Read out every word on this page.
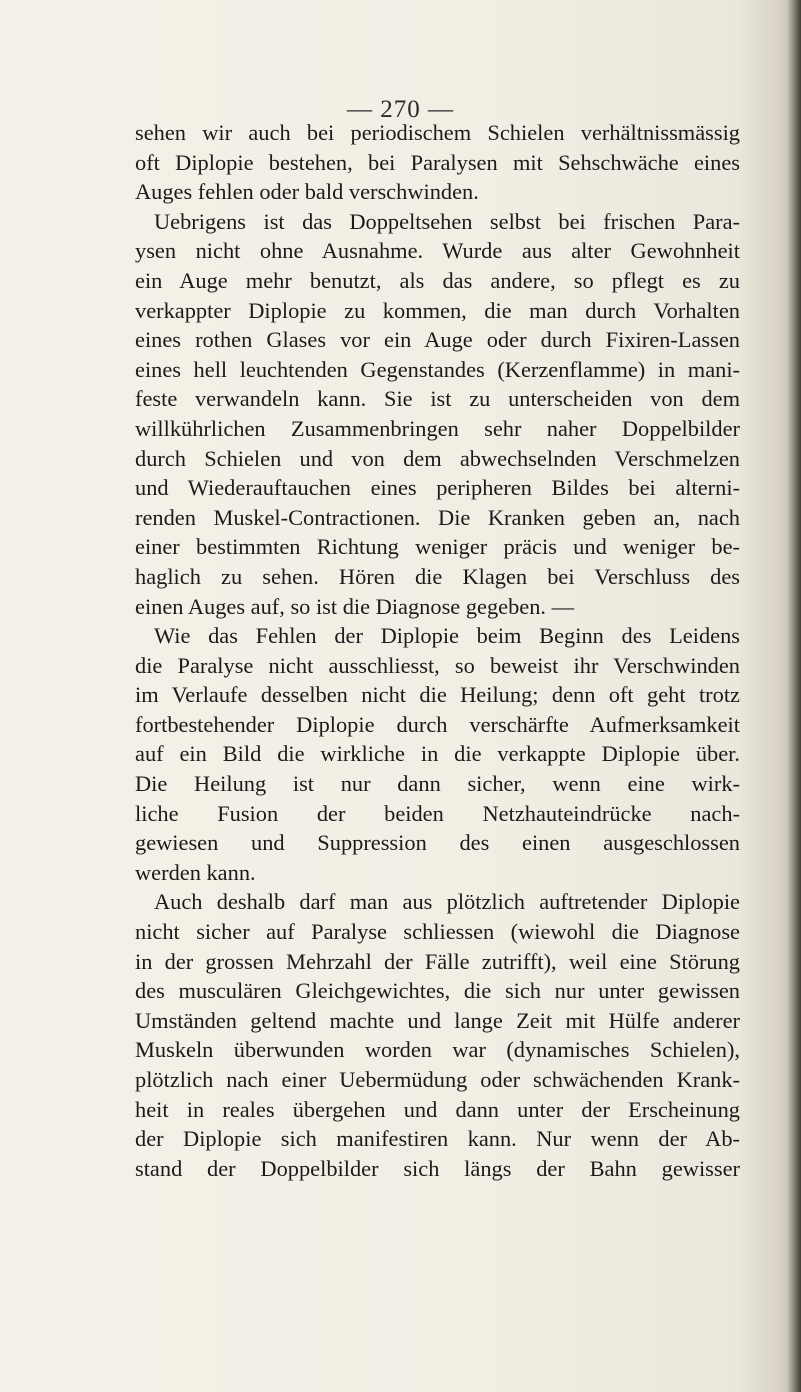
— 270 —
sehen wir auch bei periodischem Schielen verhältnissmässig
oft Diplopie bestehen, bei Paralysen mit Sehschwäche eines
Auges fehlen oder bald verschwinden.
Uebrigens ist das Doppeltsehen selbst bei frischen Para-
ysen nicht ohne Ausnahme. Wurde aus alter Gewohnheit
ein Auge mehr benutzt, als das andere, so pflegt es zu
verkappter Diplopie zu kommen, die man durch Vorhalten
eines rothen Glases vor ein Auge oder durch Fixiren-Lassen
eines hell leuchtenden Gegenstandes (Kerzenflamme) in mani-
feste verwandeln kann. Sie ist zu unterscheiden von dem
willkührlichen Zusammenbringen sehr naher Doppelbilder
durch Schielen und von dem abwechselnden Verschmelzen
und Wiederauftauchen eines peripheren Bildes bei alterni-
renden Muskel-Contractionen. Die Kranken geben an, nach
einer bestimmten Richtung weniger präcis und weniger be-
haglich zu sehen. Hören die Klagen bei Verschluss des
einen Auges auf, so ist die Diagnose gegeben. —
Wie das Fehlen der Diplopie beim Beginn des Leidens
die Paralyse nicht ausschliesst, so beweist ihr Verschwinden
im Verlaufe desselben nicht die Heilung; denn oft geht trotz
fortbestehender Diplopie durch verschärfte Aufmerksamkeit
auf ein Bild die wirkliche in die verkappte Diplopie über.
Die Heilung ist nur dann sicher, wenn eine wirk-
liche Fusion der beiden Netzhauteindrücke nach-
gewiesen und Suppression des einen ausgeschlossen
werden kann.
Auch deshalb darf man aus plötzlich auftretender Diplopie
nicht sicher auf Paralyse schliessen (wiewohl die Diagnose
in der grossen Mehrzahl der Fälle zutrifft), weil eine Störung
des musculären Gleichgewichtes, die sich nur unter gewissen
Umständen geltend machte und lange Zeit mit Hülfe anderer
Muskeln überwunden worden war (dynamisches Schielen),
plötzlich nach einer Uebermüdung oder schwächenden Krank-
heit in reales übergehen und dann unter der Erscheinung
der Diplopie sich manifestiren kann. Nur wenn der Ab-
stand der Doppelbilder sich längs der Bahn gewisser
